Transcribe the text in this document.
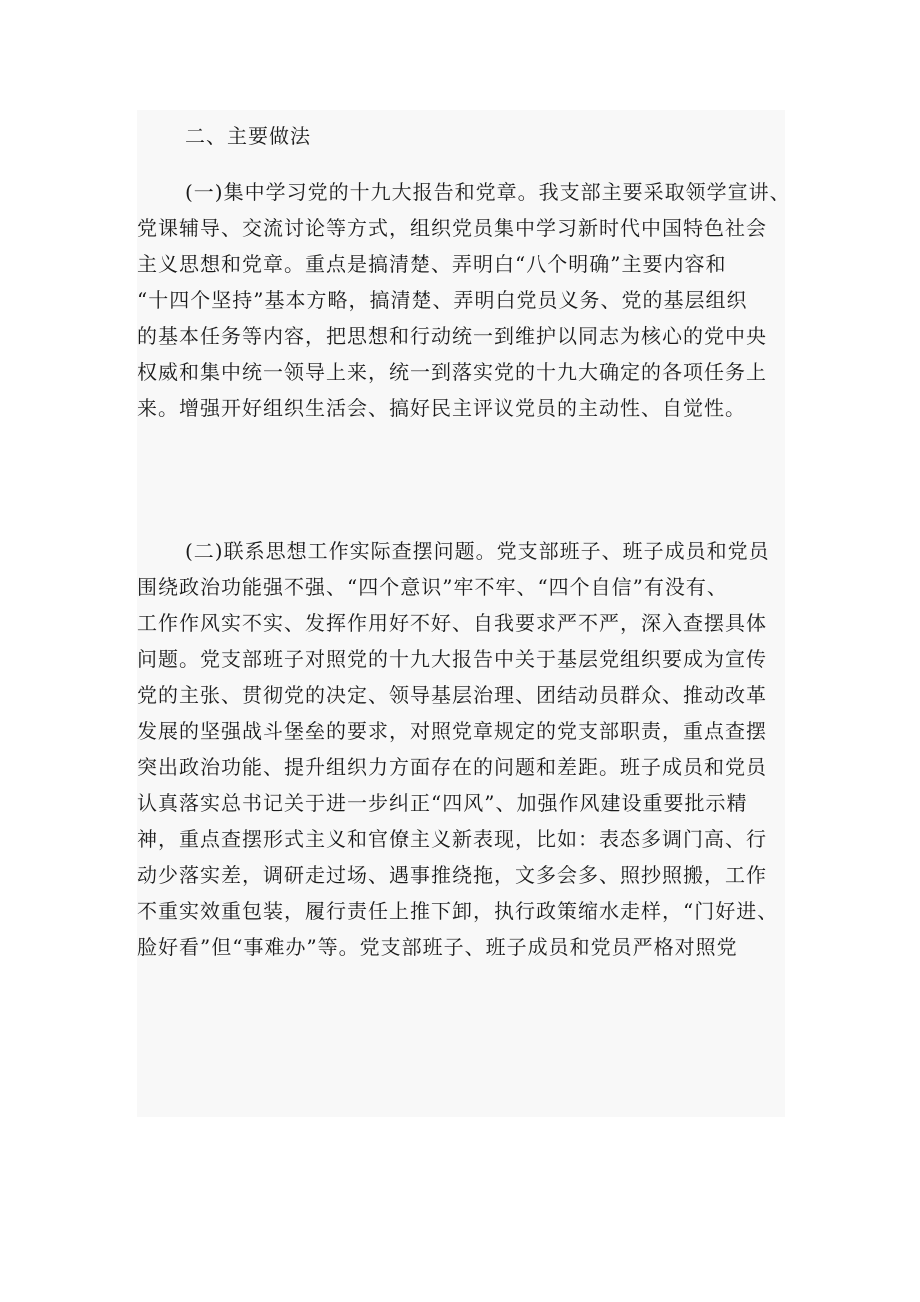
二、主要做法

(一)集中学习党的十九大报告和党章。我支部主要采取领学宣讲、
党课辅导、交流讨论等方式，组织党员集中学习新时代中国特色社会
主义思想和党章。重点是搞清楚、弄明白“八个明确”主要内容和
“十四个坚持”基本方略，搞清楚、弄明白党员义务、党的基层组织
的基本任务等内容，把思想和行动统一到维护以同志为核心的党中央
权威和集中统一领导上来，统一到落实党的十九大确定的各项任务上
来。增强开好组织生活会、搞好民主评议党员的主动性、自觉性。

(二)联系思想工作实际查摆问题。党支部班子、班子成员和党员
围绕政治功能强不强、“四个意识”牢不牢、“四个自信”有没有、
工作作风实不实、发挥作用好不好、自我要求严不严，深入查摆具体
问题。党支部班子对照党的十九大报告中关于基层党组织要成为宣传
党的主张、贯彻党的决定、领导基层治理、团结动员群众、推动改革
发展的坚强战斗堡垒的要求，对照党章规定的党支部职责，重点查摆
突出政治功能、提升组织力方面存在的问题和差距。班子成员和党员
认真落实总书记关于进一步纠正“四风”、加强作风建设重要批示精
神，重点查摆形式主义和官僚主义新表现，比如：表态多调门高、行
动少落实差，调研走过场、遇事推绕拖，文多会多、照抄照搬，工作
不重实效重包装，履行责任上推下卸，执行政策缩水走样，“门好进、
脸好看”但“事难办”等。党支部班子、班子成员和党员严格对照党
